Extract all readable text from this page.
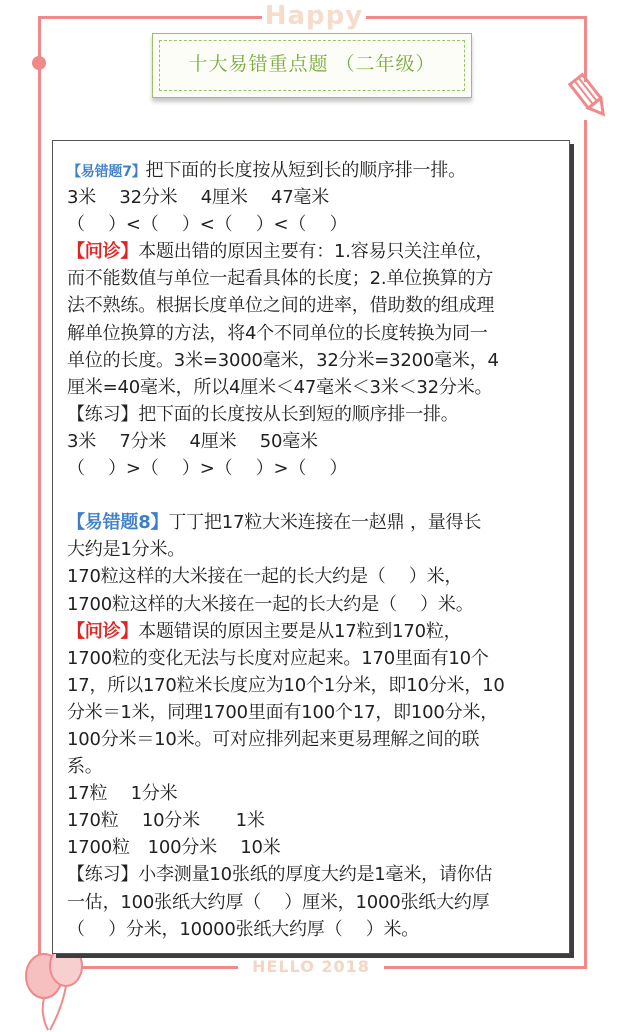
Happy
HELLO 2018
十大易错重点题 （二年级）
【易错题7】把下面的长度按从短到长的顺序排一排。
3米　 32分米　 4厘米　 47毫米
（　 ）<（　 ）<（　 ）<（　 ）
【问诊】本题出错的原因主要有：1.容易只关注单位，
而不能数值与单位一起看具体的长度；2.单位换算的方
法不熟练。根据长度单位之间的进率，借助数的组成理
解单位换算的方法，将4个不同单位的长度转换为同一
单位的长度。3米=3000毫米，32分米=3200毫米，4
厘米=40毫米，所以4厘米＜47毫米＜3米＜32分米。
【练习】把下面的长度按从长到短的顺序排一排。
3米　 7分米　 4厘米　 50毫米
（　 ）>（　 ）>（　 ）>（　 ）
【易错题8】丁丁把17粒大米连接在一赵鼎 ，量得长
大约是1分米。
170粒这样的大米接在一起的长大约是（　 ）米，
1700粒这样的大米接在一起的长大约是（　 ）米。
【问诊】本题错误的原因主要是从17粒到170粒，
1700粒的变化无法与长度对应起来。170里面有10个
17，所以170粒米长度应为10个1分米，即10分米，10
分米＝1米，同理1700里面有100个17，即100分米，
100分米＝10米。可对应排列起来更易理解之间的联
系。
17粒　 1分米
170粒　 10分米　　1米
1700粒　100分米　 10米
【练习】小李测量10张纸的厚度大约是1毫米，请你估
一估，100张纸大约厚（　 ）厘米，1000张纸大约厚
（　 ）分米，10000张纸大约厚（　 ）米。
